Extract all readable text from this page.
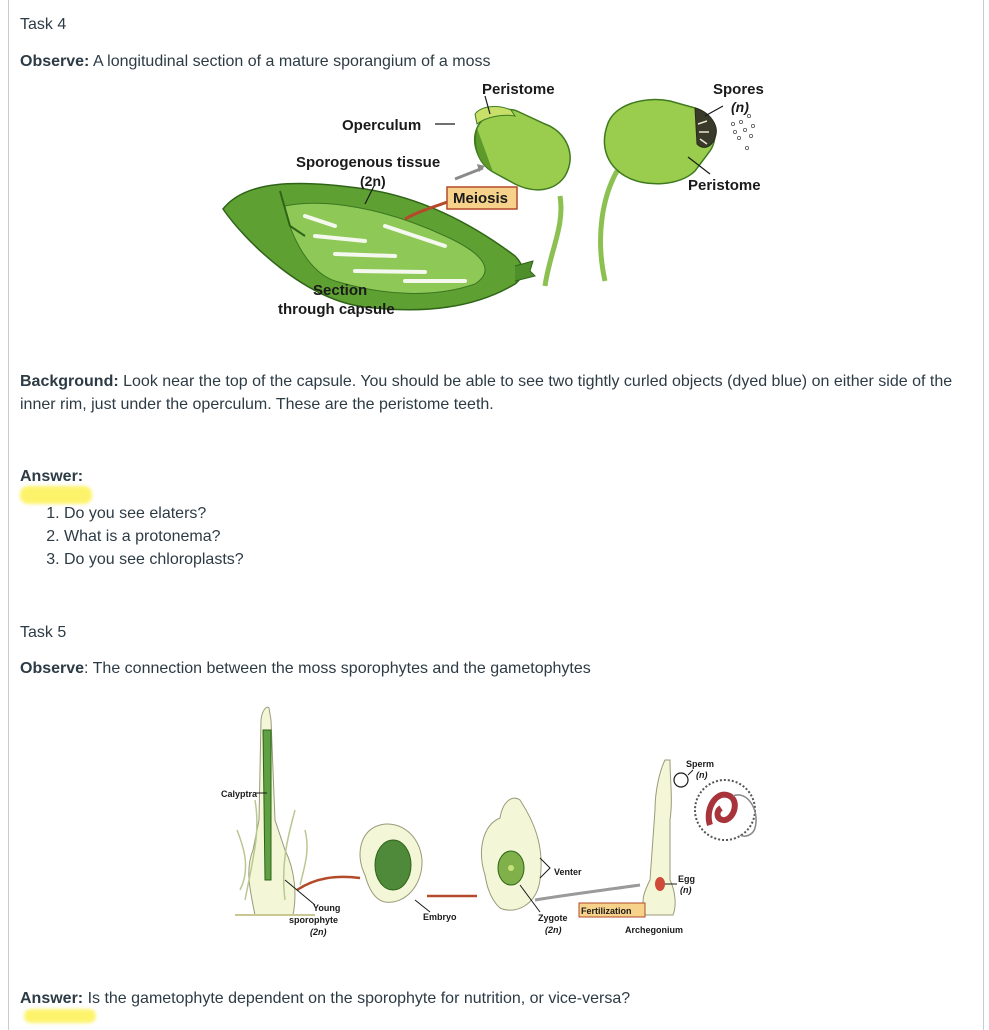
Task 4
Observe: A longitudinal section of a mature sporangium of a moss
Peristome	Spores
(n)
Operculum
Sporogenous tissue
(2n)
Meiosis
Peristome
Section
through capsule
Background: Look near the top of the capsule. You should be able to see two tightly curled objects (dyed blue) on either side of the inner rim, just under the operculum. These are the peristome teeth.
Answer:
1. Do you see elaters?
2. What is a protonema?
3. Do you see chloroplasts?
Task 5
Observe: The connection between the moss sporophytes and the gametophytes
Calyptra
Young
sporophyte
(2n)
Embryo
Venter
Zygote
(2n)
Fertilization
Sperm
(n)
Egg
(n)
Archegonium
Answer: Is the gametophyte dependent on the sporophyte for nutrition, or vice-versa?
